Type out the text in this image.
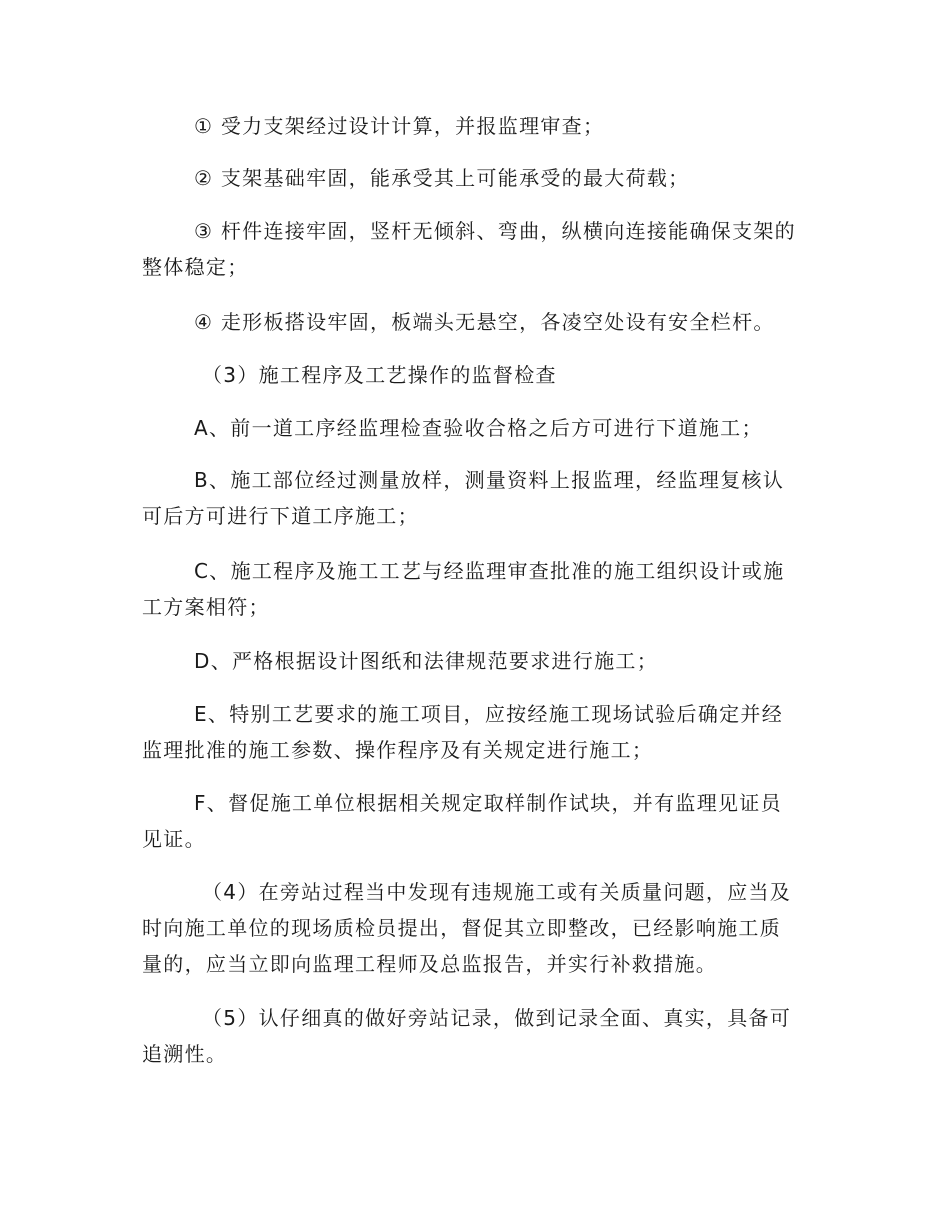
① 受力支架经过设计计算，并报监理审查；
② 支架基础牢固，能承受其上可能承受的最大荷载；
③ 杆件连接牢固，竖杆无倾斜、弯曲，纵横向连接能确保支架的
整体稳定；
④ 走形板搭设牢固，板端头无悬空，各凌空处设有安全栏杆。
（3）施工程序及工艺操作的监督检查
A、前一道工序经监理检查验收合格之后方可进行下道施工；
B、施工部位经过测量放样，测量资料上报监理，经监理复核认
可后方可进行下道工序施工；
C、施工程序及施工工艺与经监理审查批准的施工组织设计或施
工方案相符；
D、严格根据设计图纸和法律规范要求进行施工；
E、特别工艺要求的施工项目，应按经施工现场试验后确定并经
监理批准的施工参数、操作程序及有关规定进行施工；
F、督促施工单位根据相关规定取样制作试块，并有监理见证员
见证。
（4）在旁站过程当中发现有违规施工或有关质量问题，应当及
时向施工单位的现场质检员提出，督促其立即整改，已经影响施工质
量的，应当立即向监理工程师及总监报告，并实行补救措施。
（5）认仔细真的做好旁站记录，做到记录全面、真实，具备可
追溯性。
